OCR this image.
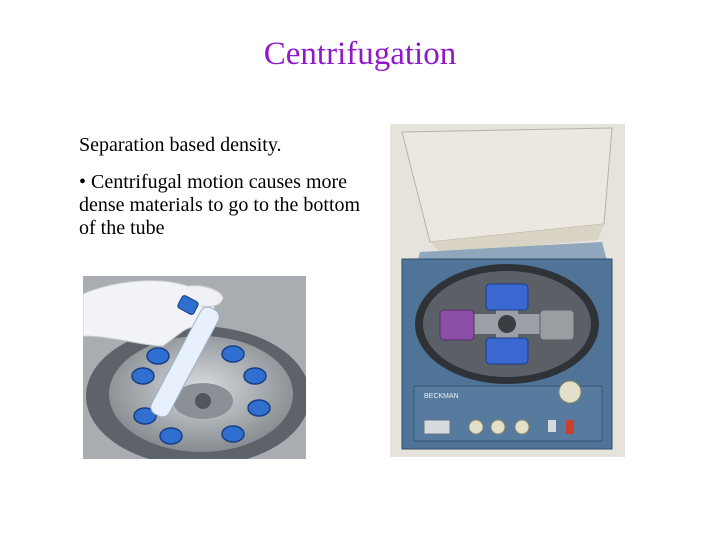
Centrifugation

Separation based density.

• Centrifugal motion causes more dense materials to go to the bottom of the tube

BECKMAN
